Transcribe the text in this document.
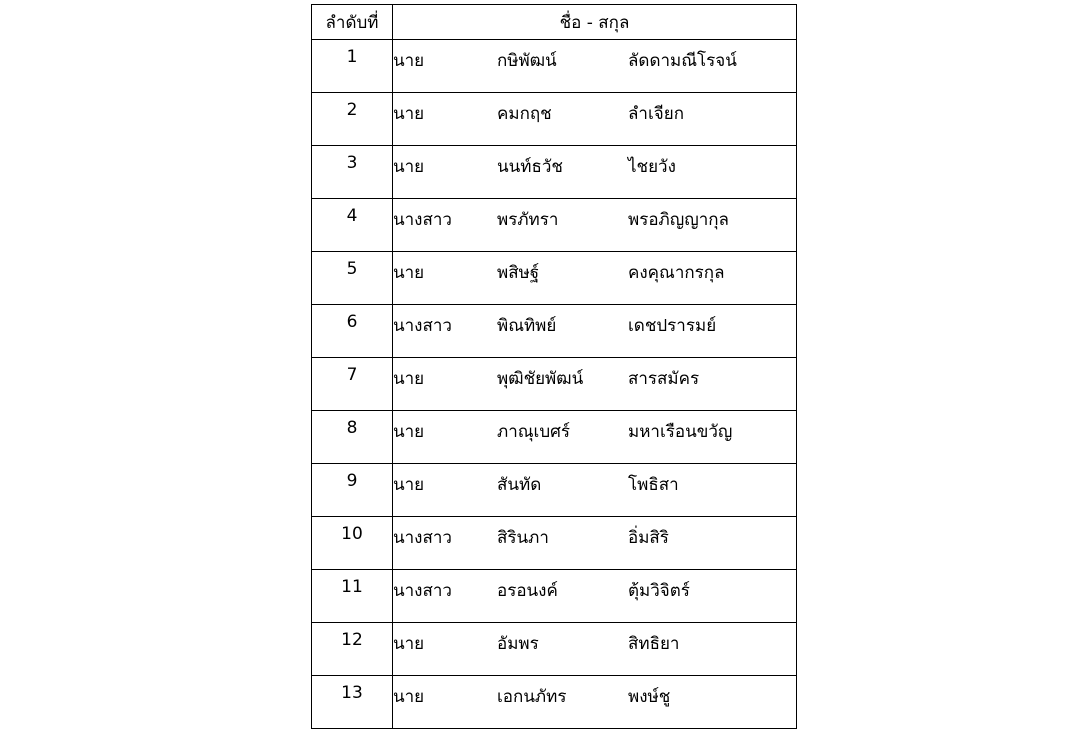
ลำดับที่	ชื่อ - สกุล
1	นาย กษิพัฒน์ ลัดดามณีโรจน์
2	นาย คมกฤช ลำเจียก
3	นาย นนท์ธวัช ไชยวัง
4	นางสาว พรภัทรา พรอภิญญากุล
5	นาย พสิษฐ์ คงคุณากรกุล
6	นางสาว พิณทิพย์ เดชปรารมย์
7	นาย พุฒิชัยพัฒน์ สารสมัคร
8	นาย ภาณุเบศร์ มหาเรือนขวัญ
9	นาย สันทัด โพธิสา
10	นางสาว สิรินภา อิ่มสิริ
11	นางสาว อรอนงค์ ตุ้มวิจิตร์
12	นาย อัมพร สิทธิยา
13	นาย เอกนภัทร พงษ์ชู
